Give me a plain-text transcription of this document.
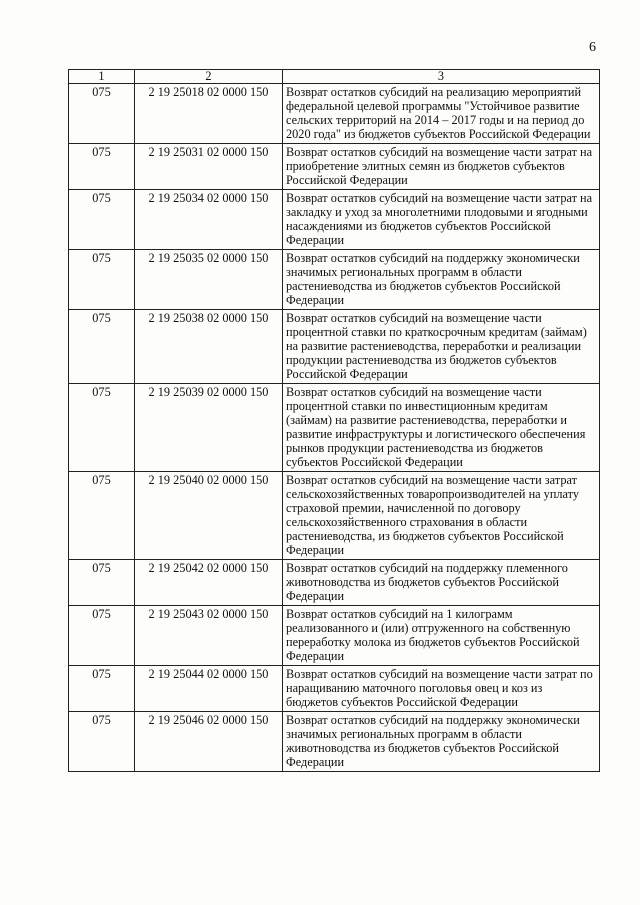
6
1	2	3
075	2 19 25018 02 0000 150	Возврат остатков субсидий на реализацию мероприятий федеральной целевой программы "Устойчивое развитие сельских территорий на 2014 – 2017 годы и на период до 2020 года" из бюджетов субъектов Российской Федерации
075	2 19 25031 02 0000 150	Возврат остатков субсидий на возмещение части затрат на приобретение элитных семян из бюджетов субъектов Российской Федерации
075	2 19 25034 02 0000 150	Возврат остатков субсидий на возмещение части затрат на закладку и уход за многолетними плодовыми и ягодными насаждениями из бюджетов субъектов Российской Федерации
075	2 19 25035 02 0000 150	Возврат остатков субсидий на поддержку экономически значимых региональных программ в области растениеводства из бюджетов субъектов Российской Федерации
075	2 19 25038 02 0000 150	Возврат остатков субсидий на возмещение части процентной ставки по краткосрочным кредитам (займам) на развитие растениеводства, переработки и реализации продукции растениеводства из бюджетов субъектов Российской Федерации
075	2 19 25039 02 0000 150	Возврат остатков субсидий на возмещение части процентной ставки по инвестиционным кредитам (займам) на развитие растениеводства, переработки и развитие инфраструктуры и логистического обеспечения рынков продукции растениеводства из бюджетов субъектов Российской Федерации
075	2 19 25040 02 0000 150	Возврат остатков субсидий на возмещение части затрат сельскохозяйственных товаропроизводителей на уплату страховой премии, начисленной по договору сельскохозяйственного страхования в области растениеводства, из бюджетов субъектов Российской Федерации
075	2 19 25042 02 0000 150	Возврат остатков субсидий на поддержку племенного животноводства из бюджетов субъектов Российской Федерации
075	2 19 25043 02 0000 150	Возврат остатков субсидий на 1 килограмм реализованного и (или) отгруженного на собственную переработку молока из бюджетов субъектов Российской Федерации
075	2 19 25044 02 0000 150	Возврат остатков субсидий на возмещение части затрат по наращиванию маточного поголовья овец и коз из бюджетов субъектов Российской Федерации
075	2 19 25046 02 0000 150	Возврат остатков субсидий на поддержку экономически значимых региональных программ в области животноводства из бюджетов субъектов Российской Федерации
